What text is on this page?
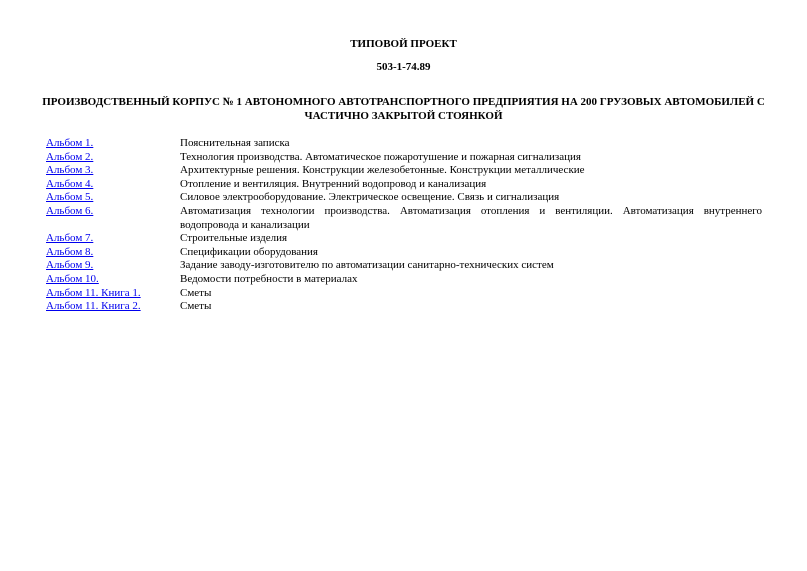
ТИПОВОЙ ПРОЕКТ
503-1-74.89
ПРОИЗВОДСТВЕННЫЙ КОРПУС № 1 АВТОНОМНОГО АВТОТРАНСПОРТНОГО ПРЕДПРИЯТИЯ НА 200 ГРУЗОВЫХ АВТОМОБИЛЕЙ С ЧАСТИЧНО ЗАКРЫТОЙ СТОЯНКОЙ
Альбом 1.	Пояснительная записка
Альбом 2.	Технология производства. Автоматическое пожаротушение и пожарная сигнализация
Альбом 3.	Архитектурные решения. Конструкции железобетонные. Конструкции металлические
Альбом 4.	Отопление и вентиляция. Внутренний водопровод и канализация
Альбом 5.	Силовое электрооборудование. Электрическое освещение. Связь и сигнализация
Альбом 6.	Автоматизация технологии производства. Автоматизация отопления и вентиляции. Автоматизация внутреннего водопровода и канализации
Альбом 7.	Строительные изделия
Альбом 8.	Спецификации оборудования
Альбом 9.	Задание заводу-изготовителю по автоматизации санитарно-технических систем
Альбом 10.	Ведомости потребности в материалах
Альбом 11. Книга 1.	Сметы
Альбом 11. Книга 2.	Сметы
